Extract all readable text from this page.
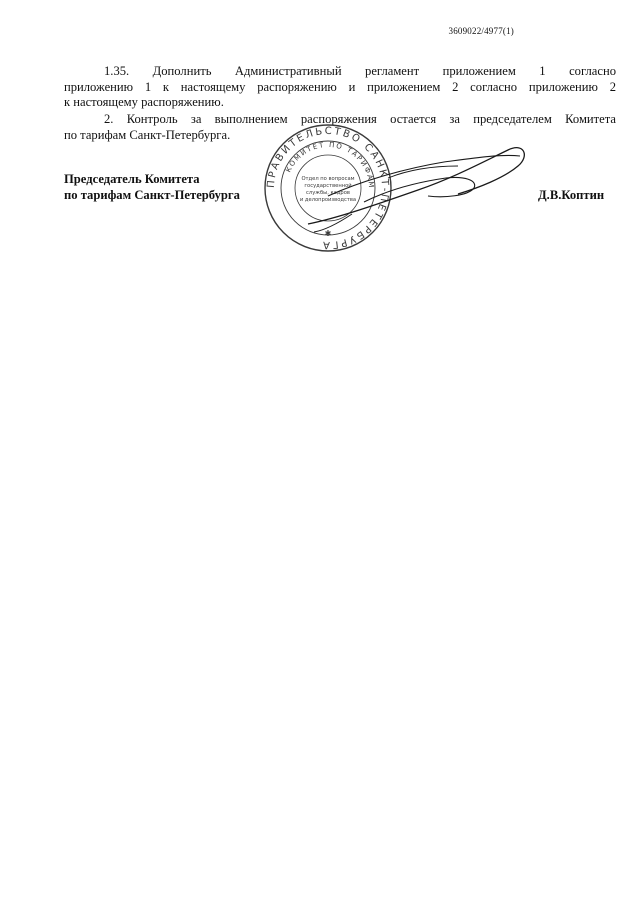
3609022/4977(1)
1.35. Дополнить Административный регламент приложением 1 согласно
приложению 1 к настоящему распоряжению и приложением 2 согласно приложению 2
к настоящему распоряжению.
2. Контроль за выполнением распоряжения остается за председателем Комитета
по тарифам Санкт-Петербурга.
Председатель Комитета
по тарифам Санкт-Петербурга
ПРАВИТЕЛЬСТВО САНКТ-ПЕТЕРБУРГА
КОМИТЕТ ПО ТАРИФАМ
Отдел по вопросам
государственной
службы, кадров
и делопроизводства
✱
Д.В.Коптин
